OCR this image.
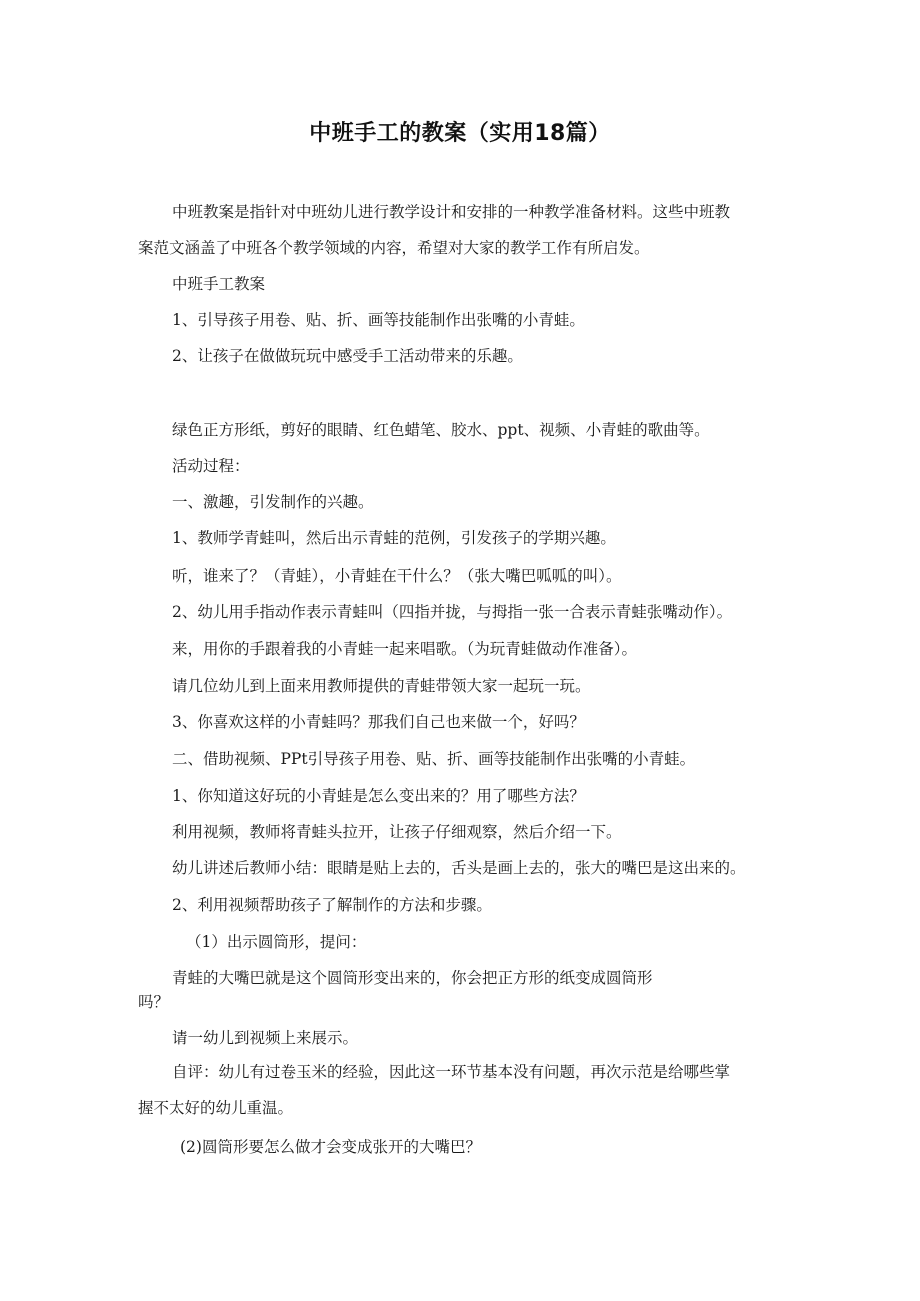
中班手工的教案（实用18篇）
中班教案是指针对中班幼儿进行教学设计和安排的一种教学准备材料。这些中班教
案范文涵盖了中班各个教学领域的内容，希望对大家的教学工作有所启发。
中班手工教案
1、引导孩子用卷、贴、折、画等技能制作出张嘴的小青蛙。
2、让孩子在做做玩玩中感受手工活动带来的乐趣。
绿色正方形纸，剪好的眼睛、红色蜡笔、胶水、ppt、视频、小青蛙的歌曲等。
活动过程：
一、激趣，引发制作的兴趣。
1、教师学青蛙叫，然后出示青蛙的范例，引发孩子的学期兴趣。
听，谁来了？（青蛙），小青蛙在干什么？（张大嘴巴呱呱的叫）。
2、幼儿用手指动作表示青蛙叫（四指并拢，与拇指一张一合表示青蛙张嘴动作）。
来，用你的手跟着我的小青蛙一起来唱歌。（为玩青蛙做动作准备）。
请几位幼儿到上面来用教师提供的青蛙带领大家一起玩一玩。
3、你喜欢这样的小青蛙吗？那我们自己也来做一个，好吗？
二、借助视频、PPt引导孩子用卷、贴、折、画等技能制作出张嘴的小青蛙。
1、你知道这好玩的小青蛙是怎么变出来的？用了哪些方法？
利用视频，教师将青蛙头拉开，让孩子仔细观察，然后介绍一下。
幼儿讲述后教师小结：眼睛是贴上去的，舌头是画上去的，张大的嘴巴是这出来的。
2、利用视频帮助孩子了解制作的方法和步骤。
（1）出示圆筒形，提问：
青蛙的大嘴巴就是这个圆筒形变出来的，你会把正方形的纸变成圆筒形
吗？
请一幼儿到视频上来展示。
自评：幼儿有过卷玉米的经验，因此这一环节基本没有问题，再次示范是给哪些掌
握不太好的幼儿重温。
(2)圆筒形要怎么做才会变成张开的大嘴巴？
